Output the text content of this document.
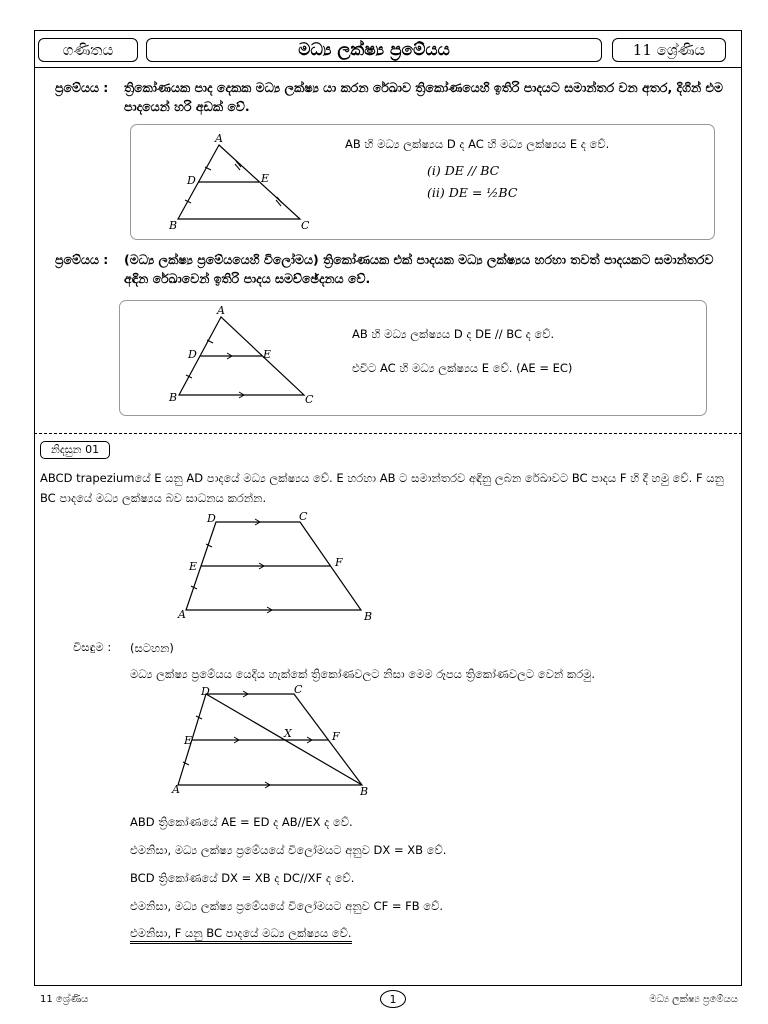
ගණිතය	මධ්‍ය ලක්ෂ්‍ය ප්‍රමේයය	11 ශ්‍රේණිය
ප්‍රමේයය :	ත්‍රිකෝණයක පාද දෙකක මධ්‍ය ලක්ෂ්‍ය යා කරන රේඛාව ත්‍රිකෝණයෙහි ඉතිරි පාදයට සමාන්තර වන අතර, දිගින් එම පාදයෙන් හරි අඩක් වේ.
A
D	E
B	C
AB හි මධ්‍ය ලක්ෂ්‍යය D ද AC හි මධ්‍ය ලක්ෂ්‍යය E ද වේ.
(i) DE // BC
(ii) DE = ½BC
ප්‍රමේයය :	(මධ්‍ය ලක්ෂ්‍ය ප්‍රමේයයෙහි විලෝමය) ත්‍රිකෝණයක එක් පාදයක මධ්‍ය ලක්ෂ්‍යය හරහා තවත් පාදයකට සමාන්තරව අඳින රේඛාවෙන් ඉතිරි පාදය සමච්ඡේදනය වේ.
A
D	E
B	C
AB හි මධ්‍ය ලක්ෂ්‍යය D ද DE // BC ද වේ.
එවිට AC හි මධ්‍ය ලක්ෂ්‍යය E වේ. (AE = EC)
නිදසුන 01
ABCD trapeziumයේ E යනු AD පාදයේ මධ්‍ය ලක්ෂ්‍යය වේ. E හරහා AB ට සමාන්තරව අඳිනු ලබන රේඛාවට BC පාදය F හි දී හමු වේ. F යනු BC පාදයේ මධ්‍ය ලක්ෂ්‍යය බව සාධනය කරන්න.
D	C
E	F
A	B
විසඳුම : (සටහන)
මධ්‍ය ලක්ෂ්‍ය ප්‍රමේයය යෙදිය හැක්කේ ත්‍රිකෝණවලට නිසා මෙම රූපය ත්‍රිකෝණවලට වෙන් කරමු.
D	C
E
X	F
A	B
ABD ත්‍රිකෝණයේ AE = ED ද AB//EX ද වේ.
එමනිසා, මධ්‍ය ලක්ෂ්‍ය ප්‍රමේයයේ විලෝමයට අනුව DX = XB වේ.
BCD ත්‍රිකෝණයේ DX = XB ද DC//XF ද වේ.
එමනිසා, මධ්‍ය ලක්ෂ්‍ය ප්‍රමේයයේ විලෝමයට අනුව CF = FB වේ.
එමනිසා, F යනු BC පාදයේ මධ්‍ය ලක්ෂ්‍යය වේ.
11 ශ්‍රේණිය	1	මධ්‍ය ලක්ෂ්‍ය ප්‍රමේයය
